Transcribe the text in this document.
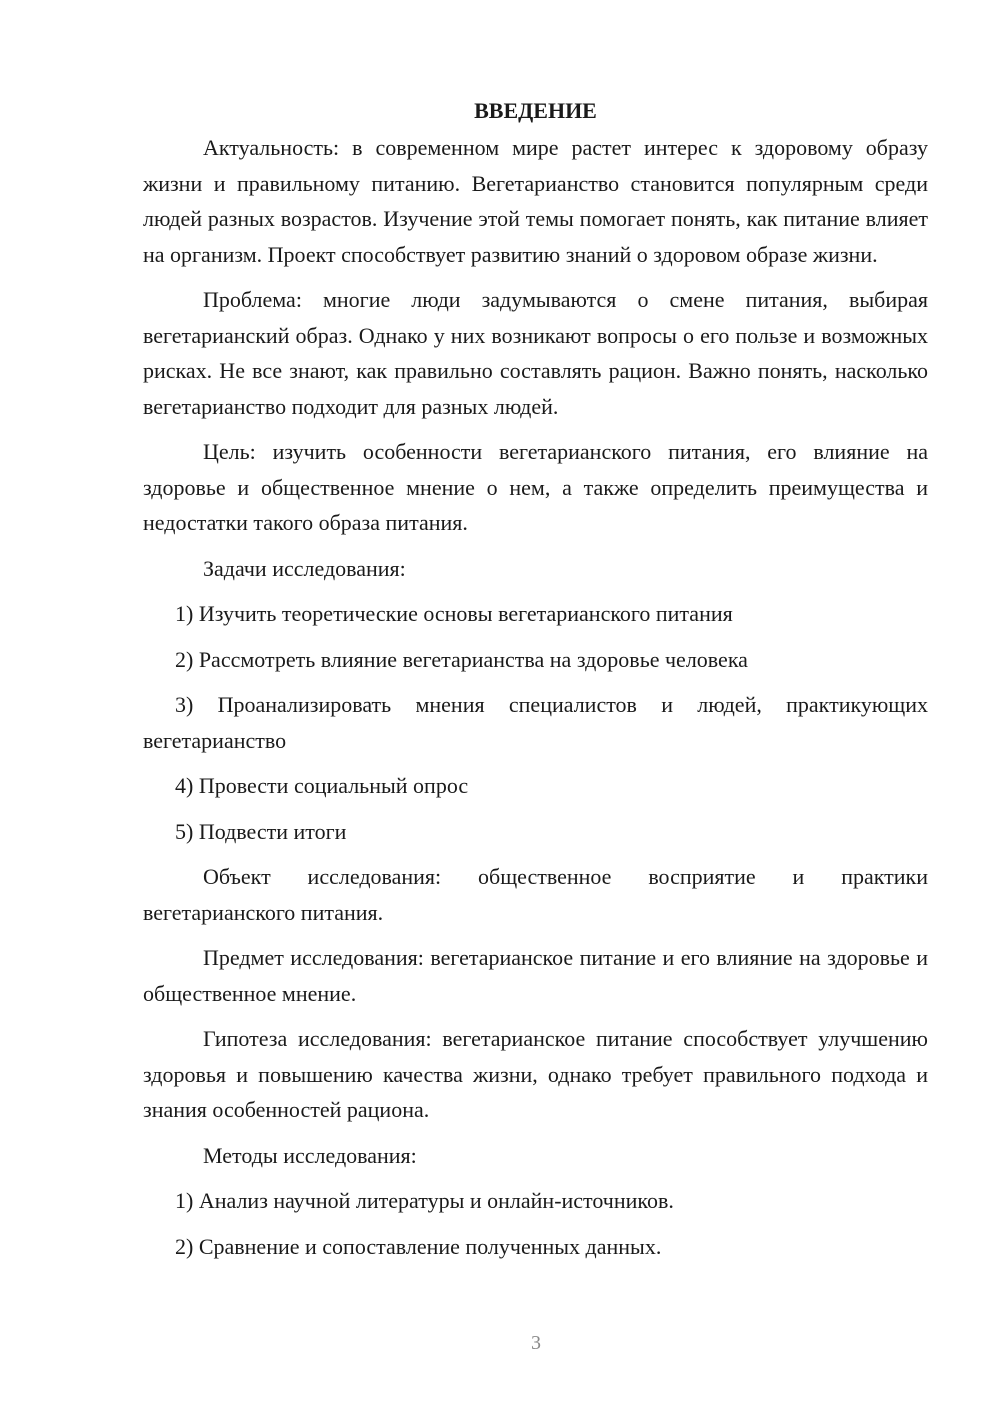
ВВЕДЕНИЕ

Актуальность: в современном мире растет интерес к здоровому образу жизни и правильному питанию. Вегетарианство становится популярным среди людей разных возрастов. Изучение этой темы помогает понять, как питание влияет на организм. Проект способствует развитию знаний о здоровом образе жизни.

Проблема: многие люди задумываются о смене питания, выбирая вегетарианский образ. Однако у них возникают вопросы о его пользе и возможных рисках. Не все знают, как правильно составлять рацион. Важно понять, насколько вегетарианство подходит для разных людей.

Цель: изучить особенности вегетарианского питания, его влияние на здоровье и общественное мнение о нем, а также определить преимущества и недостатки такого образа питания.

Задачи исследования:

1) Изучить теоретические основы вегетарианского питания

2) Рассмотреть влияние вегетарианства на здоровье человека

3) Проанализировать мнения специалистов и людей, практикующих вегетарианство

4) Провести социальный опрос

5) Подвести итоги

Объект исследования: общественное восприятие и практики вегетарианского питания.

Предмет исследования: вегетарианское питание и его влияние на здоровье и общественное мнение.

Гипотеза исследования: вегетарианское питание способствует улучшению здоровья и повышению качества жизни, однако требует правильного подхода и знания особенностей рациона.

Методы исследования:

1) Анализ научной литературы и онлайн-источников.

2) Сравнение и сопоставление полученных данных.

3
